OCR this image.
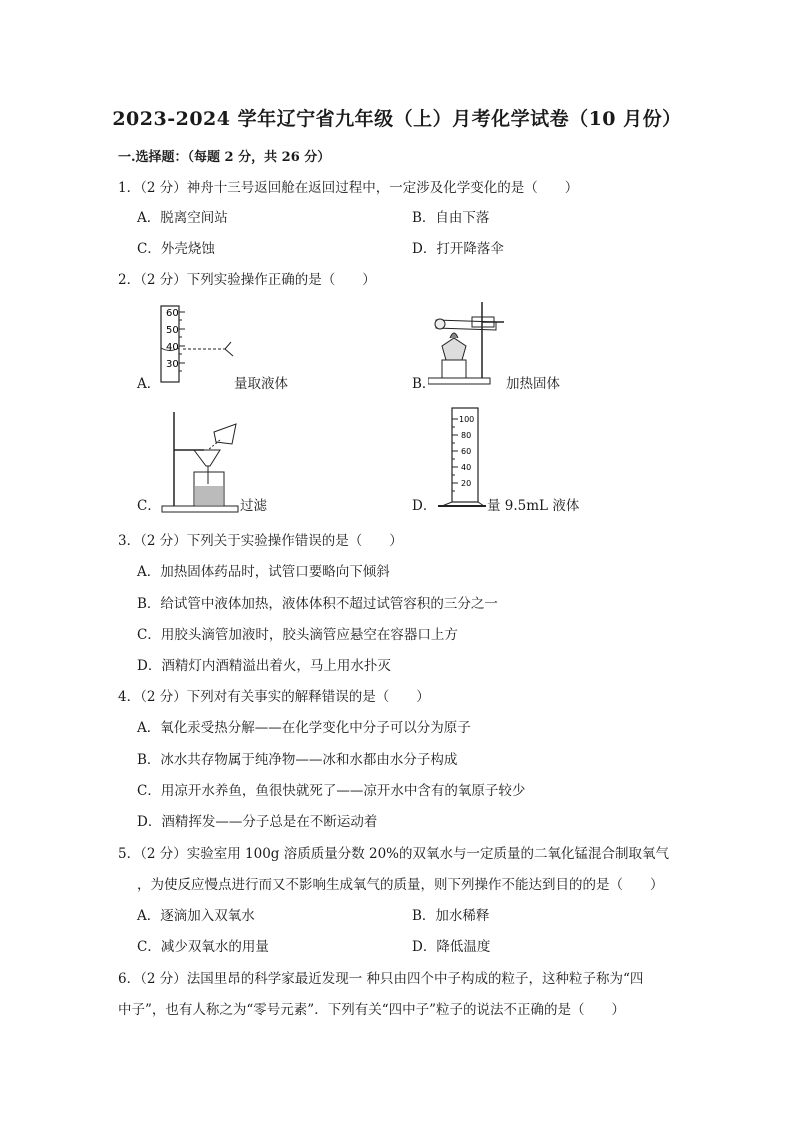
2023-2024 学年辽宁省九年级（上）月考化学试卷（10 月份）
一.选择题：（每题 2 分，共 26 分）
1．（2 分）神舟十三号返回舱在返回过程中，一定涉及化学变化的是（　　）
A．脱离空间站	B．自由下落
C．外壳烧蚀	D．打开降落伞
2．（2 分）下列实验操作正确的是（　　）
A．
60
50
40
30
量取液体	B．	加热固体
C．	过滤	D．
100
80
60
40
20
量 9.5mL 液体
3．（2 分）下列关于实验操作错误的是（　　）
A．加热固体药品时，试管口要略向下倾斜
B．给试管中液体加热，液体体积不超过试管容积的三分之一
C．用胶头滴管加液时，胶头滴管应悬空在容器口上方
D．酒精灯内酒精溢出着火，马上用水扑灭
4．（2 分）下列对有关事实的解释错误的是（　　）
A．氧化汞受热分解——在化学变化中分子可以分为原子
B．冰水共存物属于纯净物——冰和水都由水分子构成
C．用凉开水养鱼，鱼很快就死了——凉开水中含有的氧原子较少
D．酒精挥发——分子总是在不断运动着
5．（2 分）实验室用 100g 溶质质量分数 20%的双氧水与一定质量的二氧化锰混合制取氧气
，为使反应慢点进行而又不影响生成氧气的质量，则下列操作不能达到目的的是（　　）
A．逐滴加入双氧水	B．加水稀释
C．减少双氧水的用量	D．降低温度
6．（2 分）法国里昂的科学家最近发现一 种只由四个中子构成的粒子，这种粒子称为“四
中子”，也有人称之为“零号元素”．下列有关“四中子”粒子的说法不正确的是（　　）
